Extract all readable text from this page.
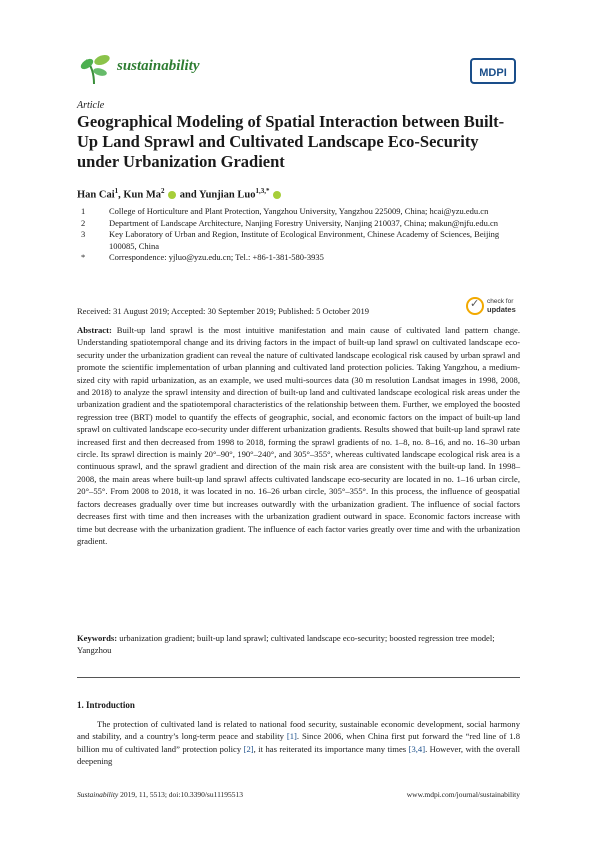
sustainability	MDPI
Article
Geographical Modeling of Spatial Interaction between Built-Up Land Sprawl and Cultivated Landscape Eco-Security under Urbanization Gradient
Han Cai$^1$, Kun Ma$^2$  and Yunjian Luo$^{1,3,*}$
1	College of Horticulture and Plant Protection, Yangzhou University, Yangzhou 225009, China; hcai@yzu.edu.cn
2	Department of Landscape Architecture, Nanjing Forestry University, Nanjing 210037, China; makun@njfu.edu.cn
3	Key Laboratory of Urban and Region, Institute of Ecological Environment, Chinese Academy of Sciences, Beijing 100085, China
*	Correspondence: yjluo@yzu.edu.cn; Tel.: +86-1-381-580-3935
Received: 31 August 2019; Accepted: 30 September 2019; Published: 5 October 2019
✓
check for
updates
Abstract: Built-up land sprawl is the most intuitive manifestation and main cause of cultivated land pattern change. Understanding spatiotemporal change and its driving factors in the impact of built-up land sprawl on cultivated landscape eco-security under the urbanization gradient can reveal the nature of cultivated landscape ecological risk caused by urban sprawl and promote the scientific implementation of urban planning and cultivated land protection policies. Taking Yangzhou, a medium-sized city with rapid urbanization, as an example, we used multi-sources data (30 m resolution Landsat images in 1998, 2008, and 2018) to analyze the sprawl intensity and direction of built-up land and cultivated landscape ecological risk areas under the urbanization gradient and the spatiotemporal characteristics of the relationship between them. Further, we employed the boosted regression tree (BRT) model to quantify the effects of geographic, social, and economic factors on the impact of built-up land sprawl on cultivated landscape eco-security under different urbanization gradients. Results showed that built-up land sprawl rate increased first and then decreased from 1998 to 2018, forming the sprawl gradients of no. 1–8, no. 8–16, and no. 16–30 urban circle. Its sprawl direction is mainly 20°–90°, 190°–240°, and 305°–355°, whereas cultivated landscape ecological risk area is a continuous sprawl, and the sprawl gradient and direction of the main risk area are consistent with the built-up land. In 1998–2008, the main areas where built-up land sprawl affects cultivated landscape eco-security are located in no. 1–16 urban circle, 20°–55°. From 2008 to 2018, it was located in no. 16–26 urban circle, 305°–355°. In this process, the influence of geospatial factors decreases gradually over time but increases outwardly with the urbanization gradient. The influence of social factors decreases first with time and then increases with the urbanization gradient outward in space. Economic factors increase with time but decrease with the urbanization gradient. The influence of each factor varies greatly over time and with the urbanization gradient.
Keywords: urbanization gradient; built-up land sprawl; cultivated landscape eco-security; boosted regression tree model; Yangzhou
1. Introduction
The protection of cultivated land is related to national food security, sustainable economic development, social harmony and stability, and a country’s long-term peace and stability [1]. Since 2006, when China first put forward the “red line of 1.8 billion mu of cultivated land” protection policy [2], it has reiterated its importance many times [3,4]. However, with the overall deepening
Sustainability 2019, 11, 5513; doi:10.3390/su11195513	www.mdpi.com/journal/sustainability
